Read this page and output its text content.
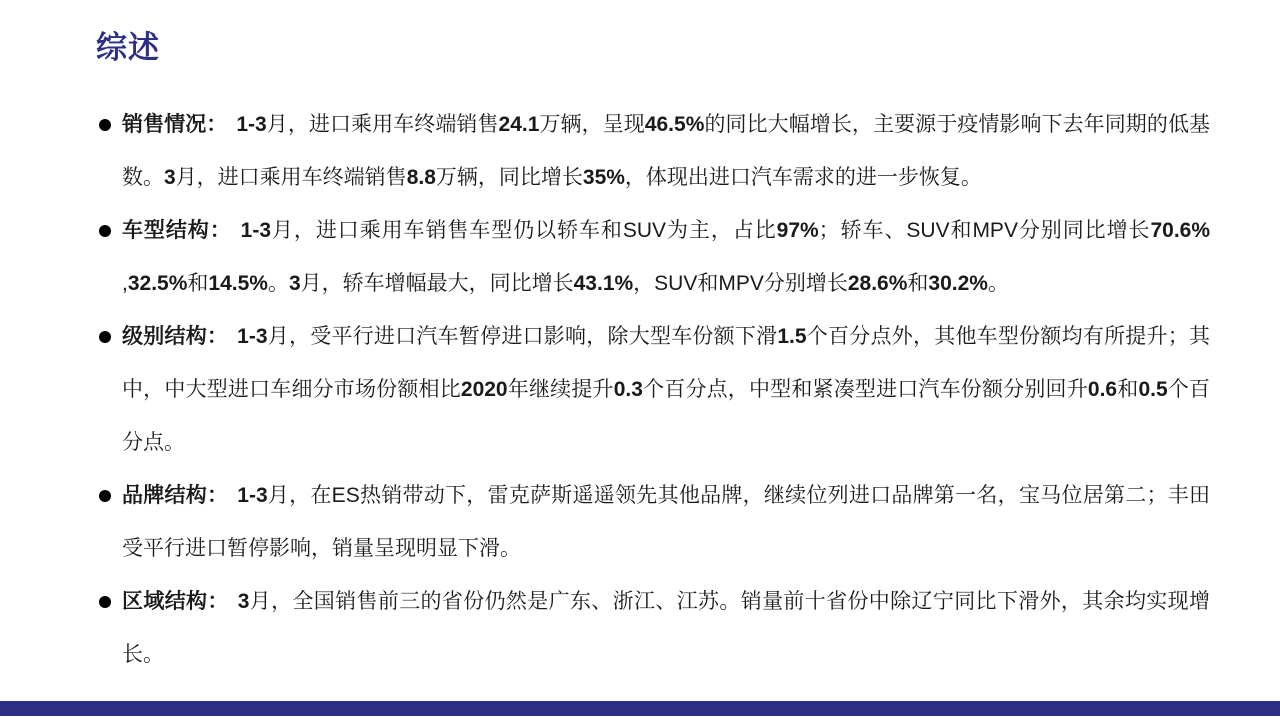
综述
销售情况： 1-3月，进口乘用车终端销售24.1万辆，呈现46.5%的同比大幅增长，主要源于疫情影响下去年同期的低基数。3月，进口乘用车终端销售8.8万辆，同比增长35%，体现出进口汽车需求的进一步恢复。
车型结构： 1-3月，进口乘用车销售车型仍以轿车和SUV为主，占比97%；轿车、SUV和MPV分别同比增长70.6% ,32.5%和14.5%。3月，轿车增幅最大，同比增长43.1%，SUV和MPV分别增长28.6%和30.2%。
级别结构： 1-3月，受平行进口汽车暂停进口影响，除大型车份额下滑1.5个百分点外，其他车型份额均有所提升；其中，中大型进口车细分市场份额相比2020年继续提升0.3个百分点，中型和紧凑型进口汽车份额分别回升0.6和0.5个百分点。
品牌结构： 1-3月，在ES热销带动下，雷克萨斯遥遥领先其他品牌，继续位列进口品牌第一名，宝马位居第二；丰田受平行进口暂停影响，销量呈现明显下滑。
区域结构： 3月，全国销售前三的省份仍然是广东、浙江、江苏。销量前十省份中除辽宁同比下滑外，其余均实现增长。
